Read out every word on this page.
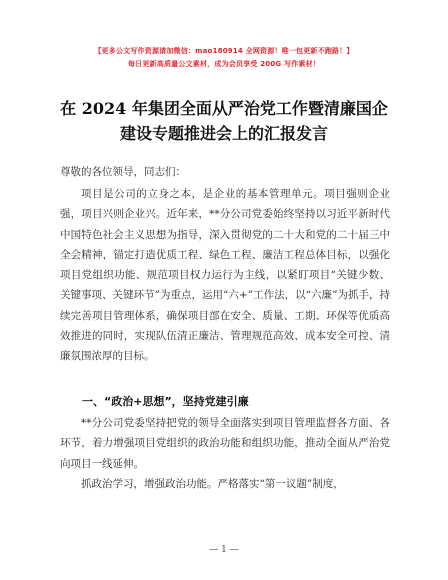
【更多公文写作资源请加微信：mao180914 全网资源！唯一包更新不跑路！】
每日更新高质量公文素材，成为会员享受 200G 写作素材！
在 2024 年集团全面从严治党工作暨清廉国企建设专题推进会上的汇报发言
尊敬的各位领导，同志们：

项目是公司的立身之本，是企业的基本管理单元。项目强则企业强，项目兴则企业兴。近年来，**分公司党委始终坚持以习近平新时代中国特色社会主义思想为指导，深入贯彻党的二十大和党的二十届三中全会精神，锚定打造优质工程、绿色工程、廉洁工程总体目标，以强化项目党组织功能、规范项目权力运行为主线，以紧盯项目“关键少数、关键事项、关键环节”为重点，运用“六+”工作法，以“六廉”为抓手，持续完善项目管理体系，确保项目部在安全、质量、工期、环保等优质高效推进的同时，实现队伍清正廉洁、管理规范高效、成本安全可控、清廉氛围浓厚的目标。

一、“政治+思想”，坚持党建引廉

**分公司党委坚持把党的领导全面落实到项目管理监督各方面、各环节，着力增强项目党组织的政治功能和组织功能，推动全面从严治党向项目一线延伸。

抓政治学习，增强政治功能。严格落实“第一议题”制度，

— 1 —
